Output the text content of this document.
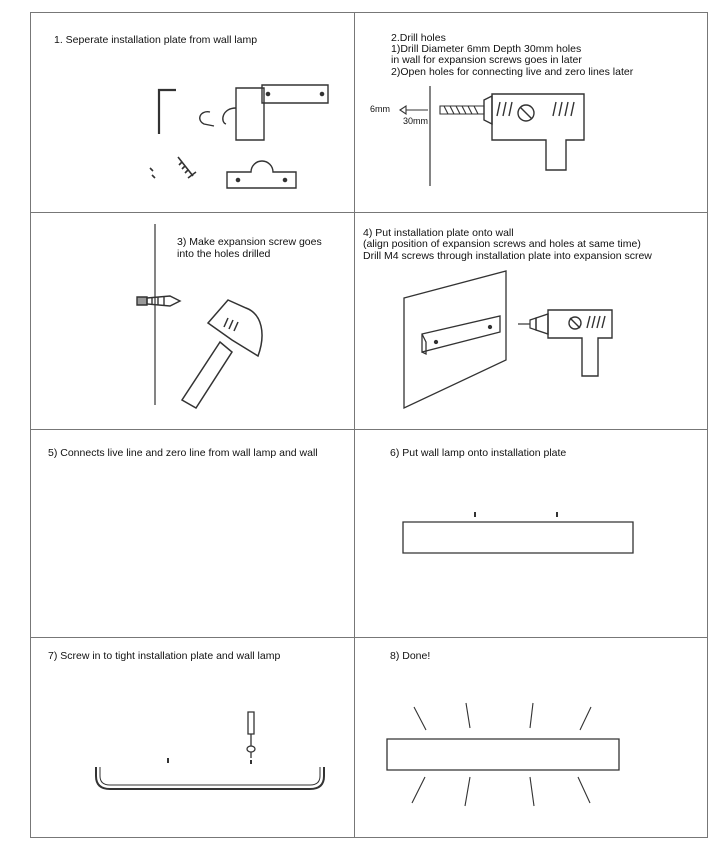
1. Seperate installation plate from wall lamp	2.Drill holes
1)Drill Diameter 6mm Depth 30mm holes
in wall for expansion screws goes in later
2)Open holes for connecting live and zero lines later
6mm
30mm
3) Make expansion screw goes
into the holes drilled
4) Put installation plate onto wall
(align position of expansion screws and holes at same time)
Drill M4 screws through installation plate into expansion screw
5) Connects live line and zero line from wall lamp and wall	6) Put wall lamp onto installation plate
7) Screw in to tight installation plate and wall lamp	8) Done!
